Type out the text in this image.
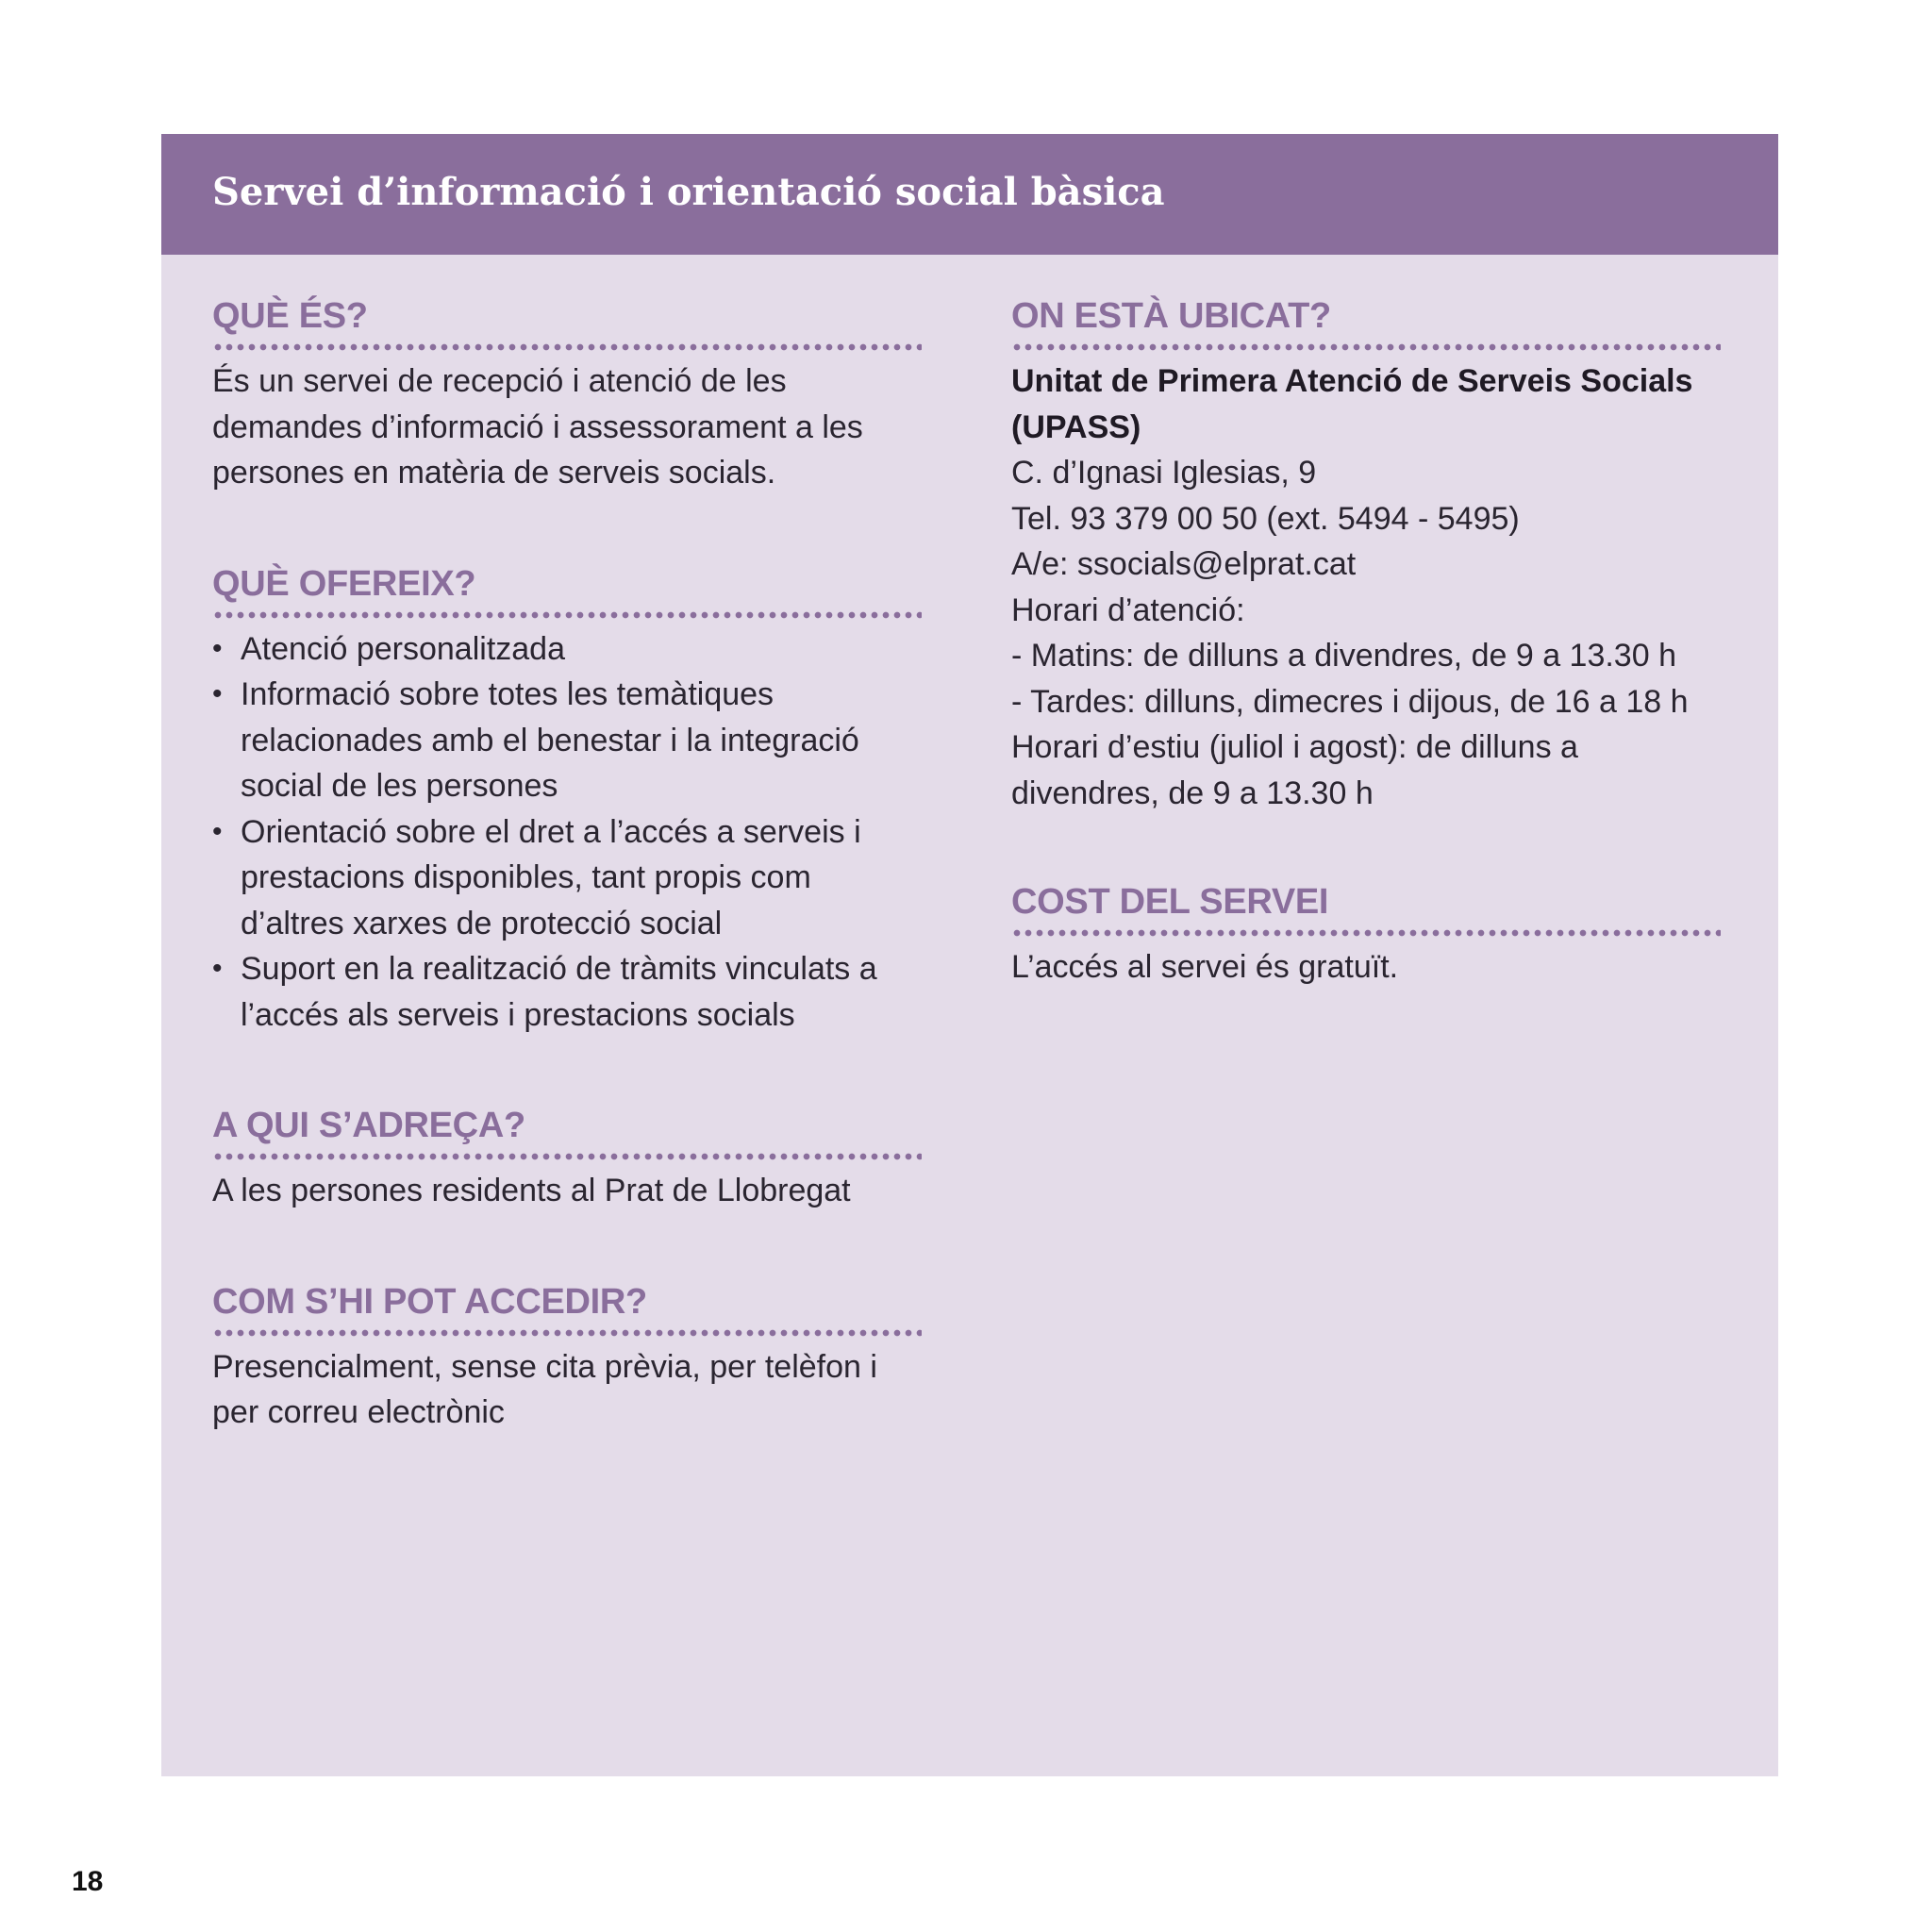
Servei d’informació i orientació social bàsica
QUÈ ÉS?

És un servei de recepció i atenció de les demandes d’informació i assessorament a les persones en matèria de serveis socials.

QUÈ OFEREIX?
• Atenció personalitzada
• Informació sobre totes les temàtiques relacionades amb el benestar i la integració social de les persones
• Orientació sobre el dret a l’accés a serveis i prestacions disponibles, tant propis com d’altres xarxes de protecció social
• Suport en la realització de tràmits vinculats a l’accés als serveis i prestacions socials
A QUI S’ADREÇA?

A les persones residents al Prat de Llobregat

COM S’HI POT ACCEDIR?

Presencialment, sense cita prèvia, per telèfon i per correu electrònic

ON ESTÀ UBICAT?

Unitat de Primera Atenció de Serveis Socials (UPASS)

C. d’Ignasi Iglesias, 9

Tel. 93 379 00 50 (ext. 5494 - 5495)

A/e: ssocials@elprat.cat

Horari d’atenció:

- Matins: de dilluns a divendres, de 9 a 13.30 h

- Tardes: dilluns, dimecres i dijous, de 16 a 18 h

Horari d’estiu (juliol i agost): de dilluns a divendres, de 9 a 13.30 h

COST DEL SERVEI

L’accés al servei és gratuït.

18
